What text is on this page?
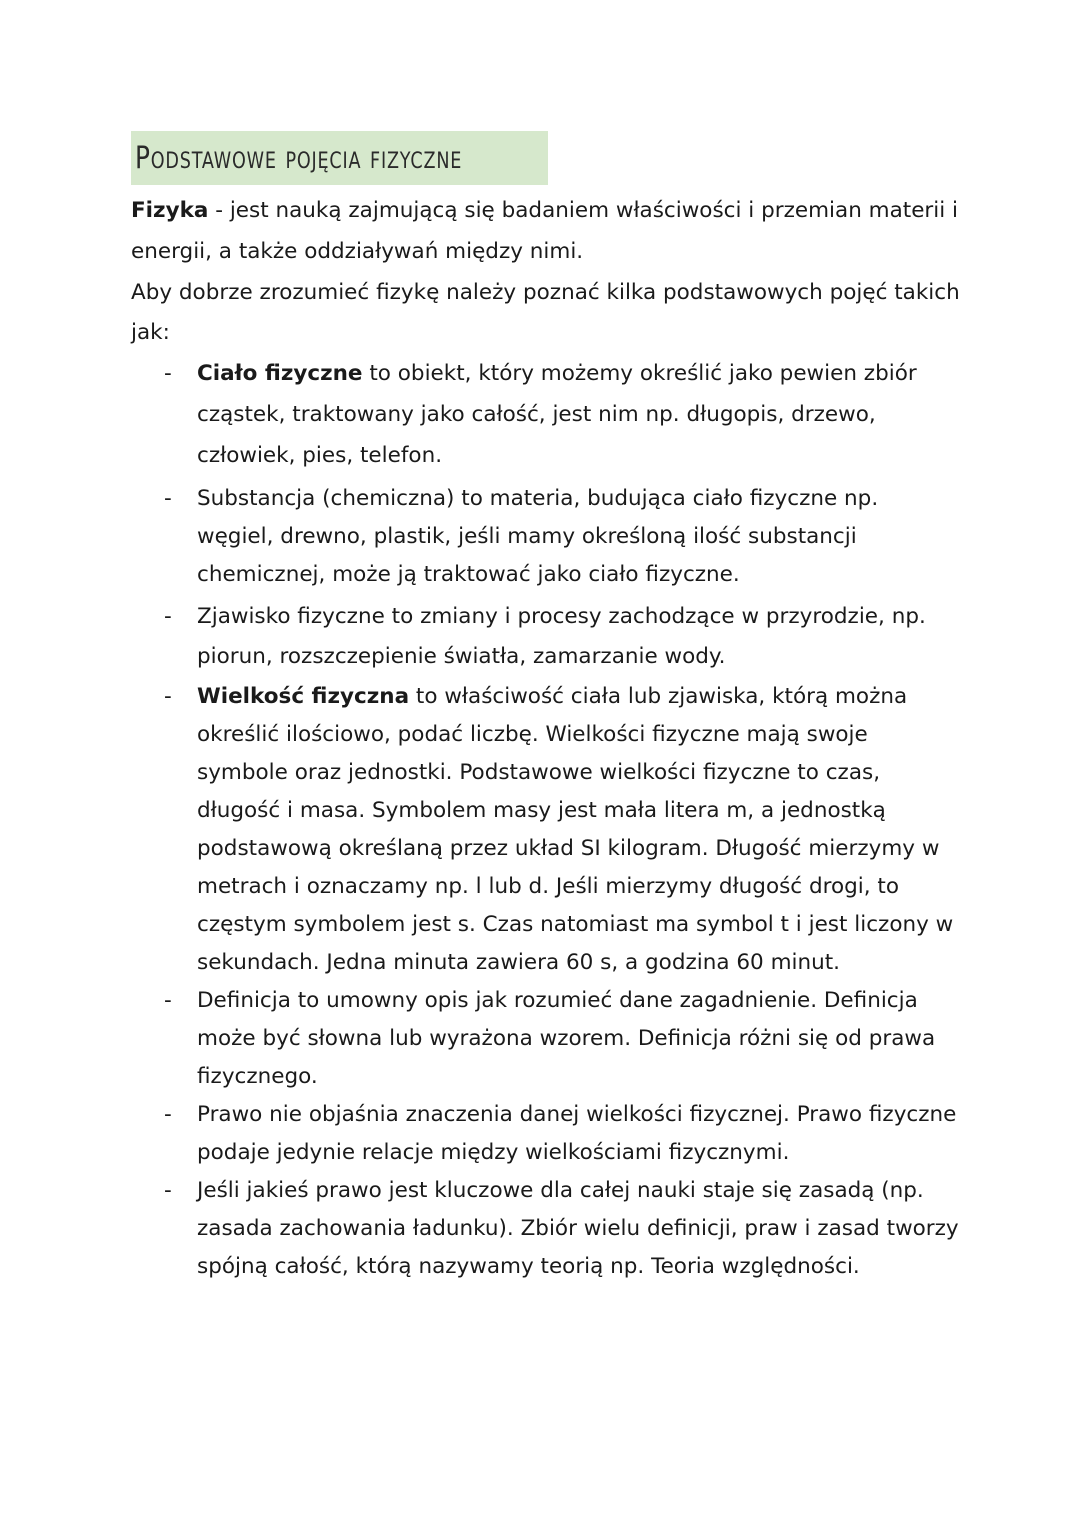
Podstawowe pojęcia fizyczne

Fizyka - jest nauką zajmującą się badaniem właściwości i przemian materii i energii, a także oddziaływań między nimi.

Aby dobrze zrozumieć fizykę należy poznać kilka podstawowych pojęć takich jak:

- Ciało fizyczne to obiekt, który możemy określić jako pewien zbiór cząstek, traktowany jako całość, jest nim np. długopis, drzewo, człowiek, pies, telefon.
- Substancja (chemiczna) to materia, budująca ciało fizyczne np. węgiel, drewno, plastik, jeśli mamy określoną ilość substancji chemicznej, może ją traktować jako ciało fizyczne.
- Zjawisko fizyczne to zmiany i procesy zachodzące w przyrodzie, np. piorun, rozszczepienie światła, zamarzanie wody.
- Wielkość fizyczna to właściwość ciała lub zjawiska, którą można określić ilościowo, podać liczbę. Wielkości fizyczne mają swoje symbole oraz jednostki. Podstawowe wielkości fizyczne to czas, długość i masa. Symbolem masy jest mała litera m, a jednostką podstawową określaną przez układ SI kilogram. Długość mierzymy w metrach i oznaczamy np. l lub d. Jeśli mierzymy długość drogi, to częstym symbolem jest s. Czas natomiast ma symbol t i jest liczony w sekundach. Jedna minuta zawiera 60 s, a godzina 60 minut.
- Definicja to umowny opis jak rozumieć dane zagadnienie. Definicja może być słowna lub wyrażona wzorem. Definicja różni się od prawa fizycznego.
- Prawo nie objaśnia znaczenia danej wielkości fizycznej. Prawo fizyczne podaje jedynie relacje między wielkościami fizycznymi.
- Jeśli jakieś prawo jest kluczowe dla całej nauki staje się zasadą (np. zasada zachowania ładunku). Zbiór wielu definicji, praw i zasad tworzy spójną całość, którą nazywamy teorią np. Teoria względności.
